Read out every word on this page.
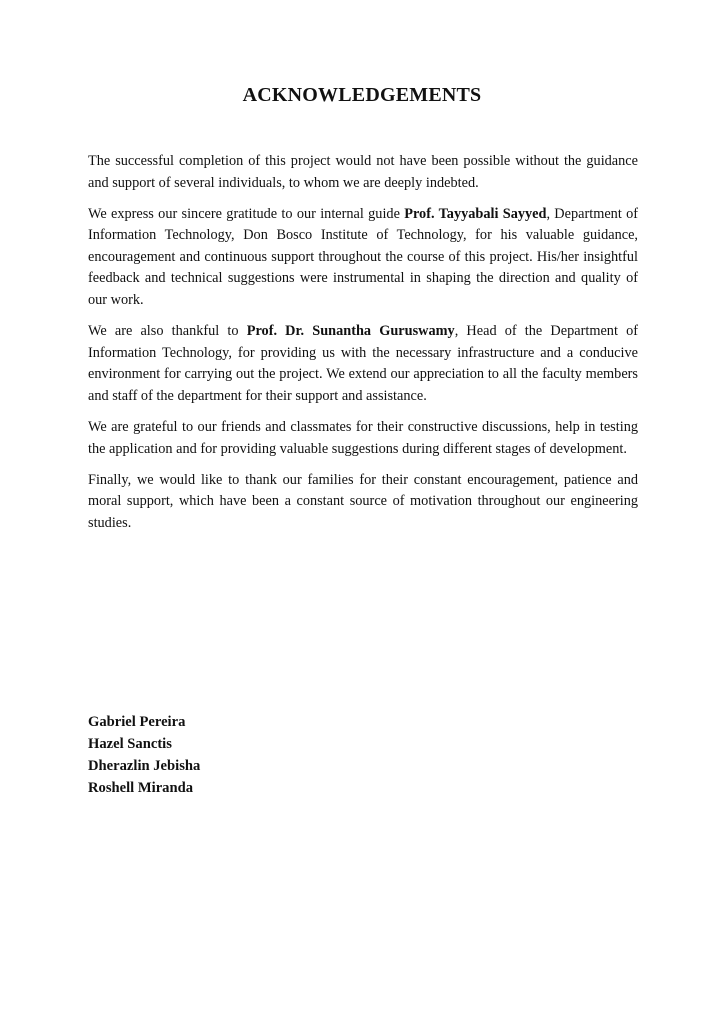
ACKNOWLEDGEMENTS

The successful completion of this project would not have been possible without the guidance and support of several individuals, to whom we are deeply indebted.

We express our sincere gratitude to our internal guide Prof. Tayyabali Sayyed, Department of Information Technology, Don Bosco Institute of Technology, for his valuable guidance, encouragement and continuous support throughout the course of this project. His/her insightful feedback and technical suggestions were instrumental in shaping the direction and quality of our work.

We are also thankful to Prof. Dr. Sunantha Guruswamy, Head of the Department of Information Technology, for providing us with the necessary infrastructure and a conducive environment for carrying out the project. We extend our appreciation to all the faculty members and staff of the department for their support and assistance.

We are grateful to our friends and classmates for their constructive discussions, help in testing the application and for providing valuable suggestions during different stages of development.

Finally, we would like to thank our families for their constant encouragement, patience and moral support, which have been a constant source of motivation throughout our engineering studies.

Gabriel Pereira
Hazel Sanctis
Dherazlin Jebisha
Roshell Miranda
